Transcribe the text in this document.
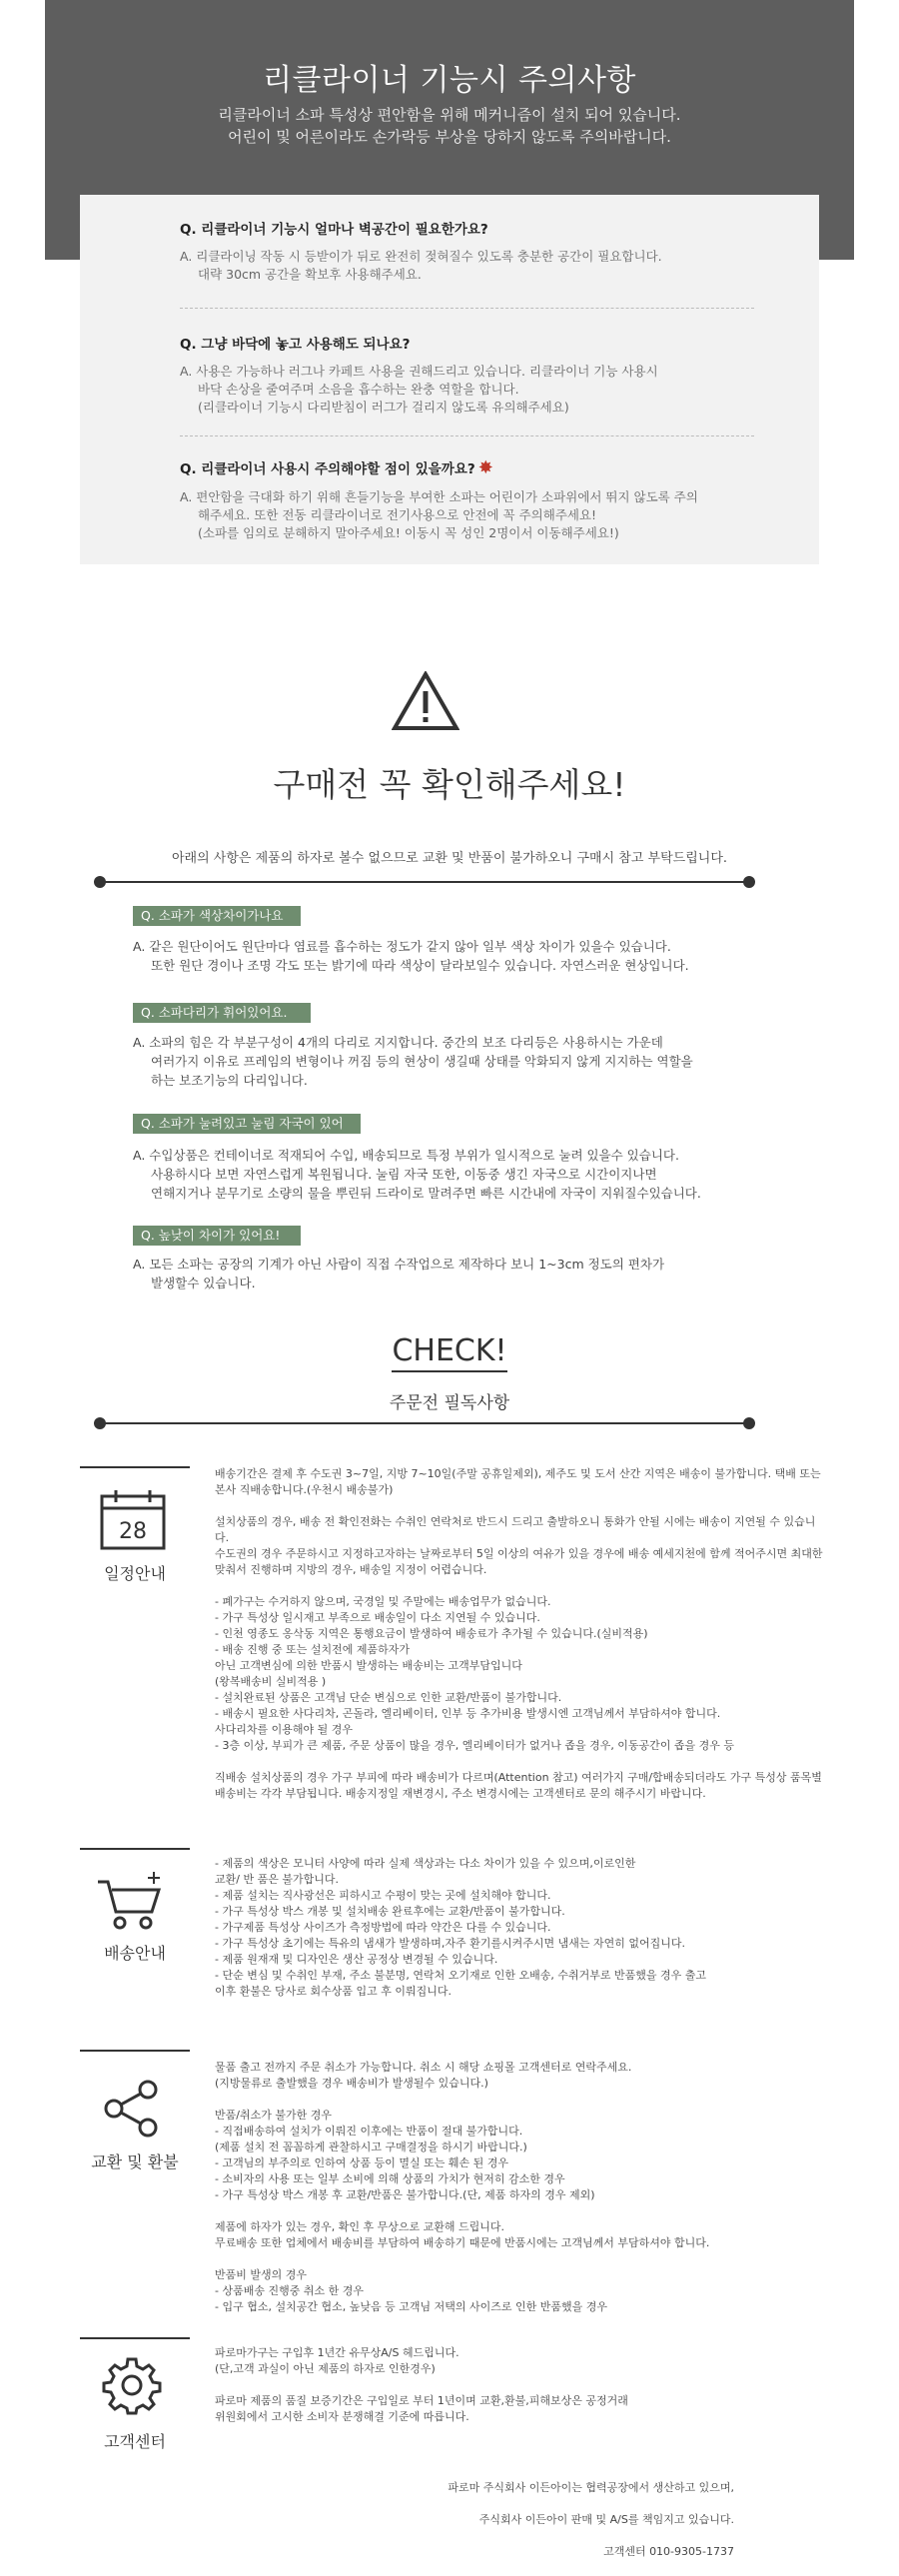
리클라이너 기능시 주의사항
리클라이너 소파 특성상 편안함을 위해 메커니즘이 설치 되어 있습니다.
어린이 및 어른이라도 손가락등 부상을 당하지 않도록 주의바랍니다.
Q. 리클라이너 기능시 얼마나 벽공간이 필요한가요?
A. 리클라이닝 작동 시 등받이가 뒤로 완전히 젖혀질수 있도록 충분한 공간이 필요합니다.
대략 30cm 공간을 확보후 사용해주세요.
Q. 그냥 바닥에 놓고 사용해도 되나요?
A. 사용은 가능하나 러그나 카페트 사용을 권해드리고 있습니다. 리클라이너 기능 사용시
바닥 손상을 줄여주며 소음을 흡수하는 완충 역할을 합니다.
(리클라이너 기능시 다리받침이 러그가 걸리지 않도록 유의해주세요)
Q. 리클라이너 사용시 주의해야할 점이 있을까요? ✸
A. 편안함을 극대화 하기 위해 흔들기능을 부여한 소파는 어린이가 소파위에서 뛰지 않도록 주의
해주세요. 또한 전동 리클라이너로 전기사용으로 안전에 꼭 주의해주세요!
(소파를 임의로 분해하지 말아주세요! 이동시 꼭 성인 2명이서 이동해주세요!)
구매전 꼭 확인해주세요!
아래의 사항은 제품의 하자로 볼수 없으므로 교환 및 반품이 불가하오니 구매시 참고 부탁드립니다.
Q. 소파가 색상차이가나요
A. 같은 원단이어도 원단마다 염료를 흡수하는 정도가 같지 않아 일부 색상 차이가 있을수 있습니다.
또한 원단 경이나 조명 각도 또는 밝기에 따라 색상이 달라보일수 있습니다. 자연스러운 현상입니다.
Q. 소파다리가 휘어있어요.
A. 소파의 힘은 각 부분구성이 4개의 다리로 지지합니다. 중간의 보조 다리등은 사용하시는 가운데
여러가지 이유로 프레임의 변형이나 꺼짐 등의 현상이 생길때 상태를 악화되지 않게 지지하는 역할을
하는 보조기능의 다리입니다.
Q. 소파가 눌려있고 눌림 자국이 있어요...
A. 수입상품은 컨테이너로 적재되어 수입, 배송되므로 특정 부위가 일시적으로 눌려 있을수 있습니다.
사용하시다 보면 자연스럽게 복원됩니다. 눌림 자국 또한, 이동중 생긴 자국으로 시간이지나면
연해지거나 분무기로 소량의 물을 뿌린뒤 드라이로 말려주면 빠른 시간내에 자국이 지워질수있습니다.
Q. 높낮이 차이가 있어요!
A. 모든 소파는 공장의 기계가 아닌 사람이 직접 수작업으로 제작하다 보니 1~3cm 정도의 편차가
발생할수 있습니다.
CHECK!
주문전 필독사항
28
일정안내
배송기간은 결제 후 수도권 3~7일, 지방 7~10일(주말 공휴일제외), 제주도 및 도서 산간 지역은 배송이 불가합니다. 택배 또는 본사 직배송합니다.(우천시 배송불가)

설치상품의 경우, 배송 전 확인전화는 수취인 연락처로 반드시 드리고 출발하오니 통화가 안될 시에는 배송이 지연될 수 있습니다.
수도권의 경우 주문하시고 지정하고자하는 날짜로부터 5일 이상의 여유가 있을 경우에 배송 예세지천에 함께 적어주시면 최대한 맞춰서 진행하며 지방의 경우, 배송일 지정이 어렵습니다.

- 폐가구는 수거하지 않으며, 국경일 및 주말에는 배송업무가 없습니다.
- 가구 특성상 일시재고 부족으로 배송일이 다소 지연될 수 있습니다.
- 인천 영종도 옹삭동 지역은 통행요금이 발생하여 배송료가 추가될 수 있습니다.(실비적용)
- 배송 진행 중 또는 설치전에 제품하자가
아닌 고객변심에 의한 반품시 발생하는 배송비는 고객부담입니다
(왕복배송비 실비적용 )
- 설치완료된 상품은 고객님 단순 변심으로 인한 교환/반품이 불가합니다.
- 배송시 필요한 사다리차, 곤돌라, 엘리베이터, 인부 등 추가비용 발생시엔 고객님께서 부담하셔야 합니다.
사다리차를 이용해야 될 경우
- 3층 이상, 부피가 큰 제품, 주문 상품이 많을 경우, 엘리베이터가 없거나 좁을 경우, 이동공간이 좁을 경우 등

직배송 설치상품의 경우 가구 부피에 따라 배송비가 다르며(Attention 참고) 여러가지 구매/합배송되더라도 가구 특성상 품목별 배송비는 각각 부담됩니다. 배송지정일 재변경시, 주소 변경시에는 고객센터로 문의 해주시기 바랍니다.
배송안내
- 제품의 색상은 모니터 사양에 따라 실제 색상과는 다소 차이가 있을 수 있으며,이로인한
교환/ 반 품은 불가합니다.
- 제품 설치는 직사광선은 피하시고 수평이 맞는 곳에 설치해야 합니다.
- 가구 특성상 박스 개봉 및 설치배송 완료후에는 교환/반품이 불가합니다.
- 가구제품 특성상 사이즈가 측정방법에 따라 약간은 다를 수 있습니다.
- 가구 특성상 초기에는 특유의 냄새가 발생하며,자주 환기를시켜주시면 냄새는 자연히 없어집니다.
- 제품 원재재 및 디자인은 생산 공정상 변경될 수 있습니다.
- 단순 변심 및 수취인 부재, 주소 불분명, 연락처 오기재로 인한 오배송, 수취거부로 반품했을 경우 출고
이후 환불은 당사로 회수상품 입고 후 이뤄집니다.
교환 및 환불
물품 출고 전까지 주문 취소가 가능합니다. 취소 시 해당 쇼핑몰 고객센터로 연락주세요.
(지방물류로 출발했을 경우 배송비가 발생될수 있습니다.)

반품/취소가 불가한 경우
- 직접배송하여 설치가 이뤄진 이후에는 반품이 절대 불가합니다.
(제품 설치 전 꼼꼼하게 관찰하시고 구매결정을 하시기 바랍니다.)
- 고객님의 부주의로 인하여 상품 등이 멸실 또는 훼손 된 경우
- 소비자의 사용 또는 일부 소비에 의해 상품의 가치가 현저히 감소한 경우
- 가구 특성상 박스 개봉 후 교환/반품은 불가합니다.(단, 제품 하자의 경우 제외)

제품에 하자가 있는 경우, 확인 후 무상으로 교환해 드립니다.
무료배송 또한 업체에서 배송비를 부담하여 배송하기 때문에 반품시에는 고객님께서 부담하셔야 합니다.

반품비 발생의 경우
- 상품배송 진행중 취소 한 경우
- 입구 협소, 설치공간 협소, 높낮음 등 고객님 저택의 사이즈로 인한 반품했을 경우
고객센터
파로마가구는 구입후 1년간 유무상A/S 헤드립니다.
(단,고객 과실이 아닌 제품의 하자로 인한경우)

파로마 제품의 품질 보증기간은 구입일로 부터 1년이며 교환,환불,피해보상은 공정거래
위원회에서 고시한 소비자 분쟁해결 기준에 따릅니다.

파로마 주식회사 이든아이는 협력공장에서 생산하고 있으며,

주식회사 이든아이 판매 및 A/S를 책임지고 있습니다.

고객센터 010-9305-1737
